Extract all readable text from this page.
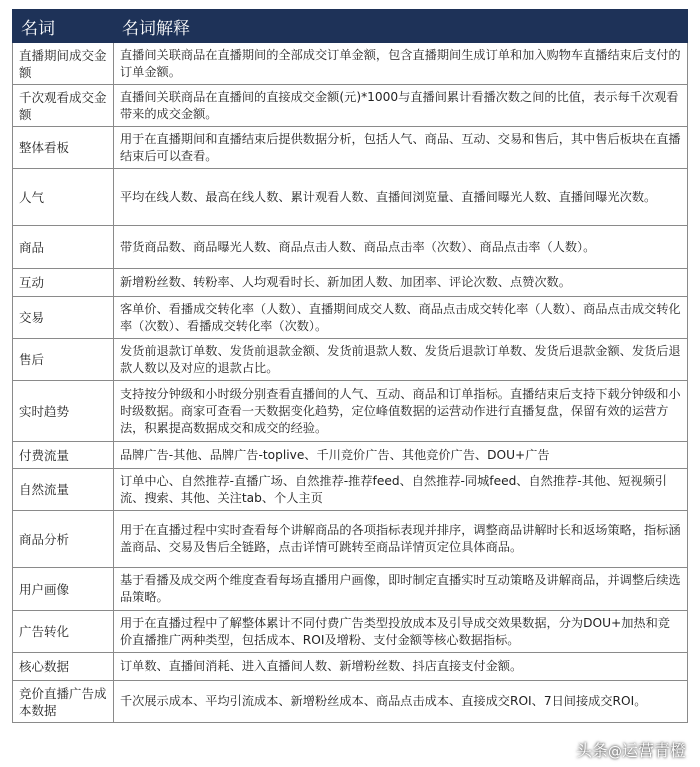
名词	名词解释
直播期间成交金额	直播间关联商品在直播期间的全部成交订单金额，包含直播期间生成订单和加入购物车直播结束后支付的订单金额。
千次观看成交金额	直播间关联商品在直播间的直接成交金额(元)*1000与直播间累计看播次数之间的比值，表示每千次观看带来的成交金额。
整体看板	用于在直播期间和直播结束后提供数据分析，包括人气、商品、互动、交易和售后，其中售后板块在直播结束后可以查看。
人气	平均在线人数、最高在线人数、累计观看人数、直播间浏览量、直播间曝光人数、直播间曝光次数。
商品	带货商品数、商品曝光人数、商品点击人数、商品点击率（次数）、商品点击率（人数）。
互动	新增粉丝数、转粉率、人均观看时长、新加团人数、加团率、评论次数、点赞次数。
交易	客单价、看播成交转化率（人数）、直播期间成交人数、商品点击成交转化率（人数）、商品点击成交转化率（次数）、看播成交转化率（次数）。
售后	发货前退款订单数、发货前退款金额、发货前退款人数、发货后退款订单数、发货后退款金额、发货后退款人数以及对应的退款占比。
实时趋势	支持按分钟级和小时级分别查看直播间的人气、互动、商品和订单指标。直播结束后支持下载分钟级和小时级数据。商家可查看一天数据变化趋势，定位峰值数据的运营动作进行直播复盘，保留有效的运营方法，积累提高数据成交和成交的经验。
付费流量	品牌广告-其他、品牌广告-toplive、千川竞价广告、其他竞价广告、DOU+广告
自然流量	订单中心、自然推荐-直播广场、自然推荐-推荐feed、自然推荐-同城feed、自然推荐-其他、短视频引流、搜索、其他、关注tab、个人主页
商品分析	用于在直播过程中实时查看每个讲解商品的各项指标表现并排序，调整商品讲解时长和返场策略，指标涵盖商品、交易及售后全链路，点击详情可跳转至商品详情页定位具体商品。
用户画像	基于看播及成交两个维度查看每场直播用户画像，即时制定直播实时互动策略及讲解商品，并调整后续选品策略。
广告转化	用于在直播过程中了解整体累计不同付费广告类型投放成本及引导成交效果数据，分为DOU+加热和竞价直播推广两种类型，包括成本、ROI及增粉、支付金额等核心数据指标。
核心数据	订单数、直播间消耗、进入直播间人数、新增粉丝数、抖店直接支付金额。
竞价直播广告成本数据	千次展示成本、平均引流成本、新增粉丝成本、商品点击成本、直接成交ROI、7日间接成交ROI。
头条@运营青橙
